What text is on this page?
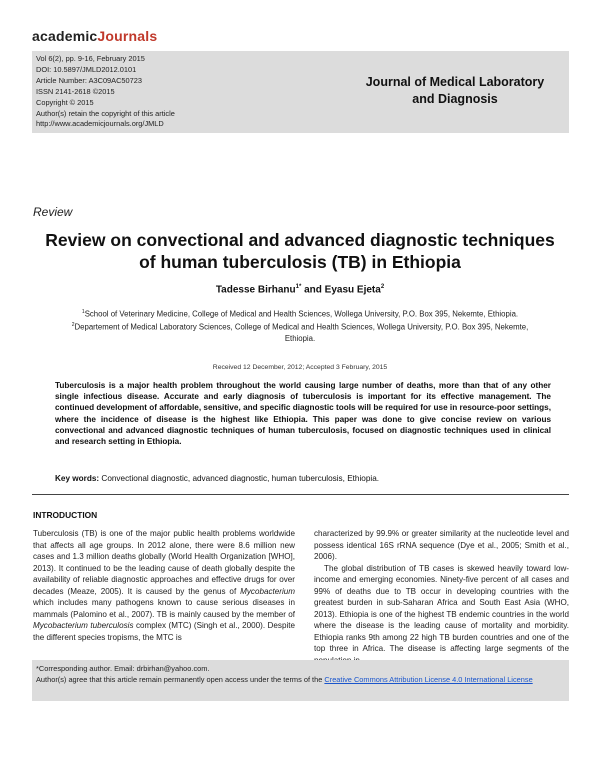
academicJournals
Vol 6(2), pp. 9-16, February 2015
DOI: 10.5897/JMLD2012.0101
Article Number: A3C09AC50723
ISSN 2141-2618 ©2015
Copyright © 2015
Author(s) retain the copyright of this article
http://www.academicjournals.org/JMLD
Journal of Medical Laboratory
and Diagnosis
Review
Review on convectional and advanced diagnostic techniques of human tuberculosis (TB) in Ethiopia
Tadesse Birhanu$^{1*}$ and Eyasu Ejeta$^2$

$^1$School of Veterinary Medicine, College of Medical and Health Sciences, Wollega University, P.O. Box 395, Nekemte, Ethiopia.

$^2$Departement of Medical Laboratory Sciences, College of Medical and Health Sciences, Wollega University, P.O. Box 395, Nekemte, Ethiopia.

Received 12 December, 2012; Accepted 3 February, 2015
Tuberculosis is a major health problem throughout the world causing large number of deaths, more than that of any other single infectious disease. Accurate and early diagnosis of tuberculosis is important for its effective management. The continued development of affordable, sensitive, and specific diagnostic tools will be required for use in resource-poor settings, where the incidence of disease is the highest like Ethiopia. This paper was done to give concise review on various convectional and advanced diagnostic techniques of human tuberculosis, focused on diagnostic techniques used in clinical and research setting in Ethiopia.
Key words: Convectional diagnostic, advanced diagnostic, human tuberculosis, Ethiopia.
INTRODUCTION

Tuberculosis (TB) is one of the major public health problems worldwide that affects all age groups. In 2012 alone, there were 8.6 million new cases and 1.3 million deaths globally (World Health Organization [WHO], 2013). It continued to be the leading cause of death globally despite the availability of reliable diagnostic approaches and effective drugs for over decades (Meaze, 2005). It is caused by the genus of Mycobacterium which includes many pathogens known to cause serious diseases in mammals (Palomino et al., 2007). TB is mainly caused by the member of Mycobacterium tuberculosis complex (MTC) (Singh et al., 2000). Despite the different species tropisms, the MTC is

characterized by 99.9% or greater similarity at the nucleotide level and possess identical 16S rRNA sequence (Dye et al., 2005; Smith et al., 2006).

The global distribution of TB cases is skewed heavily toward low-income and emerging economies. Ninety-five percent of all cases and 99% of deaths due to TB occur in developing countries with the greatest burden in sub-Saharan Africa and South East Asia (WHO, 2013). Ethiopia is one of the highest TB endemic countries in the world where the disease is the leading cause of mortality and morbidity. Ethiopia ranks 9th among 22 high TB burden countries and one of the top three in Africa. The disease is affecting large segments of the

*Corresponding author. Email: drbirhan@yahoo.com.
Author(s) agree that this article remain permanently open access under the terms of the Creative Commons Attribution License 4.0 International License
